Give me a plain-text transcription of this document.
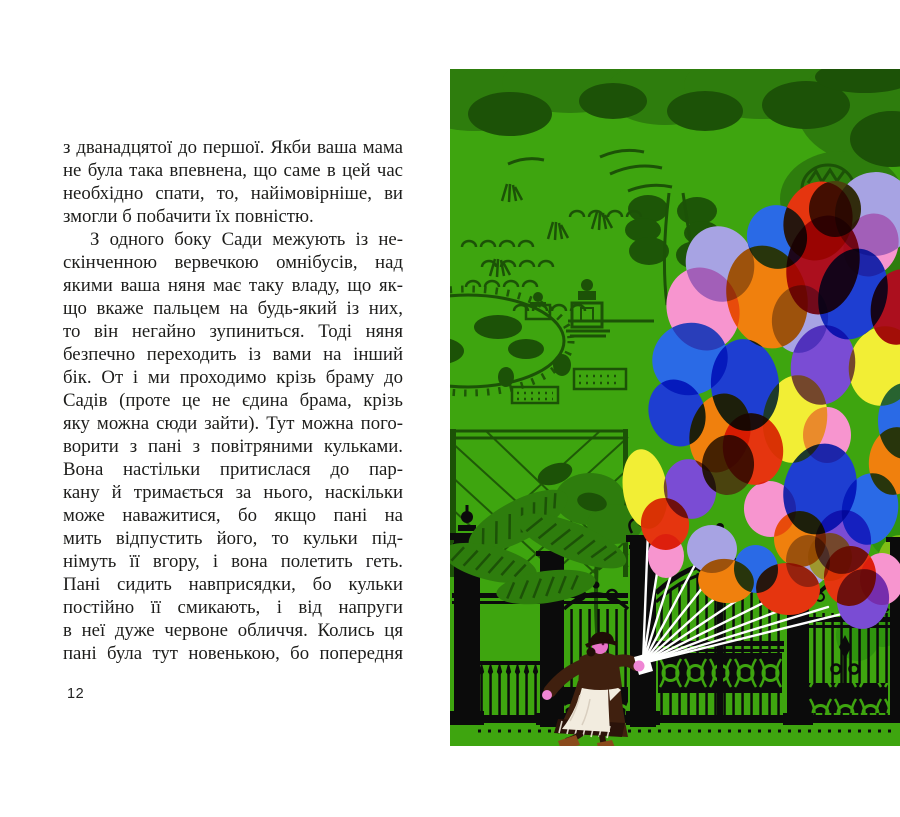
з дванадцятої до першої. Якби ваша мама
не була така впевнена, що саме в цей час
необхідно спати, то, найімовірніше, ви
змогли б побачити їх повністю.
З одного боку Сади межують із не-
скінченною вервечкою омнібусів, над
якими ваша няня має таку владу, що як-
що вкаже пальцем на будь-який із них,
то він негайно зупиниться. Тоді няня
безпечно переходить із вами на інший
бік. От і ми проходимо крізь браму до
Садів (проте це не єдина брама, крізь
яку можна сюди зайти). Тут можна пого-
ворити з пані з повітряними кульками.
Вона настільки притислася до пар-
кану й тримається за нього, наскільки
може наважитися, бо якщо пані на
мить відпустить його, то кульки під-
німуть її вгору, і вона полетить геть.
Пані сидить навприсядки, бо кульки
постійно її смикають, і від напруги
в неї дуже червоне обличчя. Колись ця
пані була тут новенькою, бо попередня
12
